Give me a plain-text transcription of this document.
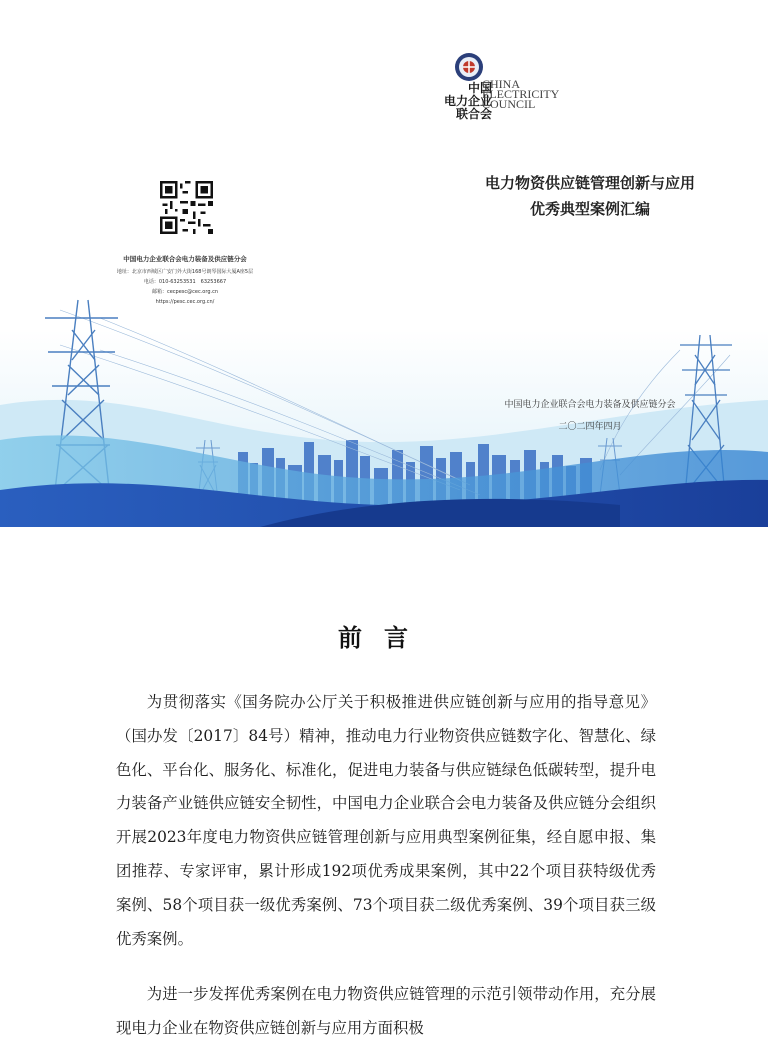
中国
电力企业
联合会
CHINA
ELECTRICITY
COUNCIL
电力物资供应链管理创新与应用
优秀典型案例汇编
中国电力企业联合会电力装备及供应链分会
地址：北京市西城区广安门外大街168号朗琴国际大厦A座5层
电话：010-63253531　63253667
邮箱：cecpesc@cec.org.cn
https://pesc.cec.org.cn/
中国电力企业联合会电力装备及供应链分会
二〇二四年四月
前言

为贯彻落实《国务院办公厅关于积极推进供应链创新与应用的指导意见》（国办发〔2017〕84号）精神，推动电力行业物资供应链数字化、智慧化、绿色化、平台化、服务化、标准化，促进电力装备与供应链绿色低碳转型，提升电力装备产业链供应链安全韧性，中国电力企业联合会电力装备及供应链分会组织开展2023年度电力物资供应链管理创新与应用典型案例征集，经自愿申报、集团推荐、专家评审，累计形成192项优秀成果案例，其中22个项目获特级优秀案例、58个项目获一级优秀案例、73个项目获二级优秀案例、39个项目获三级优秀案例。

为进一步发挥优秀案例在电力物资供应链管理的示范引领带动作用，充分展现电力企业在物资供应链创新与应用方面积极
